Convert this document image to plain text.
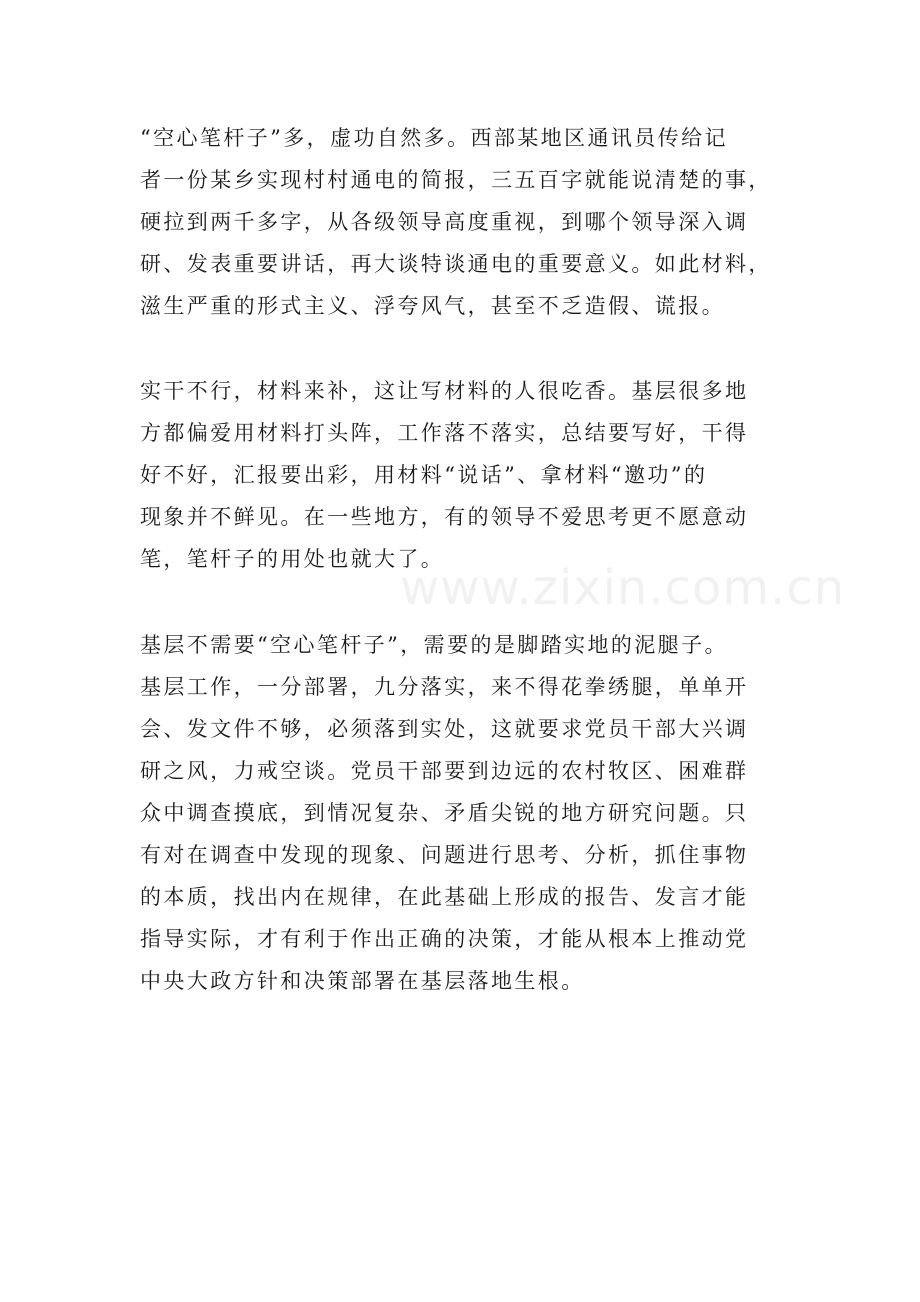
“空心笔杆子”多，虚功自然多。西部某地区通讯员传给记
者一份某乡实现村村通电的简报，三五百字就能说清楚的事，
硬拉到两千多字，从各级领导高度重视，到哪个领导深入调
研、发表重要讲话，再大谈特谈通电的重要意义。如此材料，
滋生严重的形式主义、浮夸风气，甚至不乏造假、谎报。
实干不行，材料来补，这让写材料的人很吃香。基层很多地
方都偏爱用材料打头阵，工作落不落实，总结要写好，干得
好不好，汇报要出彩，用材料“说话”、拿材料“邀功”的
现象并不鲜见。在一些地方，有的领导不爱思考更不愿意动
笔，笔杆子的用处也就大了。
基层不需要“空心笔杆子”，需要的是脚踏实地的泥腿子。
基层工作，一分部署，九分落实，来不得花拳绣腿，单单开
会、发文件不够，必须落到实处，这就要求党员干部大兴调
研之风，力戒空谈。党员干部要到边远的农村牧区、困难群
众中调查摸底，到情况复杂、矛盾尖锐的地方研究问题。只
有对在调查中发现的现象、问题进行思考、分析，抓住事物
的本质，找出内在规律，在此基础上形成的报告、发言才能
指导实际，才有利于作出正确的决策，才能从根本上推动党
中央大政方针和决策部署在基层落地生根。
www.zixin.com.cn
